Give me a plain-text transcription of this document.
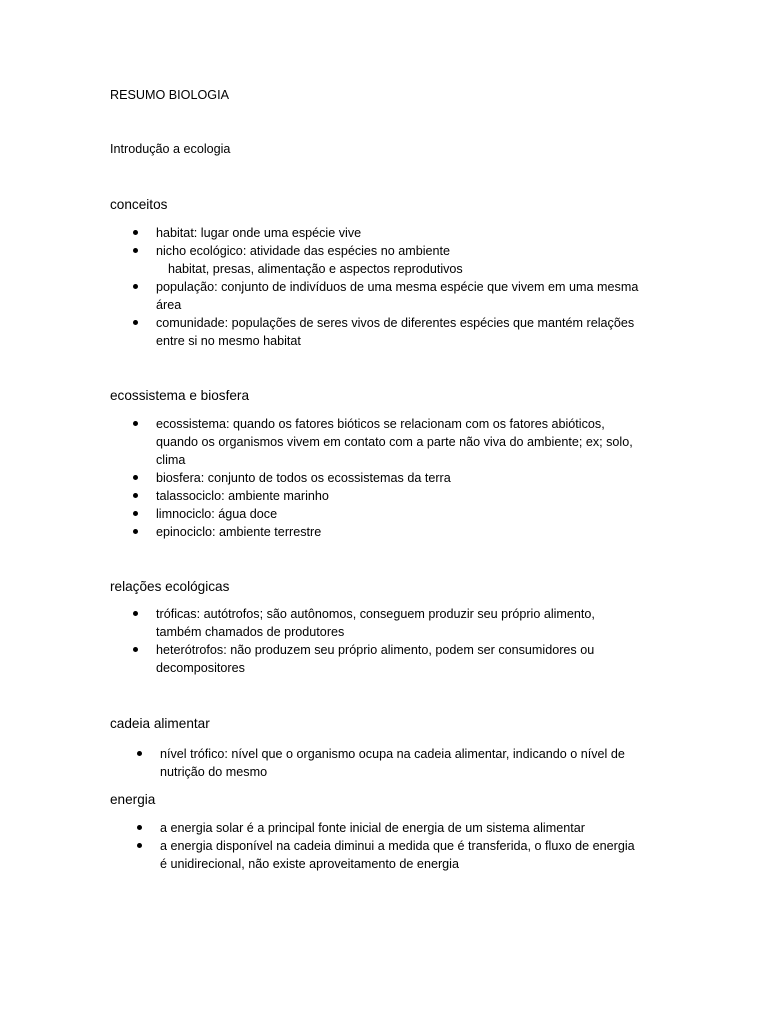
RESUMO BIOLOGIA
Introdução a ecologia
conceitos
habitat: lugar onde uma espécie vive
nicho ecológico: atividade das espécies no ambiente
habitat, presas, alimentação e aspectos reprodutivos
população: conjunto de indivíduos de uma mesma espécie que vivem em uma mesma
área
comunidade: populações de seres vivos de diferentes espécies que mantém relações
entre si no mesmo habitat
ecossistema e biosfera
ecossistema: quando os fatores bióticos se relacionam com os fatores abióticos,
quando os organismos vivem em contato com a parte não viva do ambiente; ex; solo,
clima
biosfera: conjunto de todos os ecossistemas da terra
talassociclo: ambiente marinho
limnociclo: água doce
epinociclo: ambiente terrestre
relações ecológicas
tróficas: autótrofos; são autônomos, conseguem produzir seu próprio alimento,
também chamados de produtores
heterótrofos: não produzem seu próprio alimento, podem ser consumidores ou
decompositores
cadeia alimentar
nível trófico: nível que o organismo ocupa na cadeia alimentar, indicando o nível de
nutrição do mesmo
energia
a energia solar é a principal fonte inicial de energia de um sistema alimentar
a energia disponível na cadeia diminui a medida que é transferida, o fluxo de energia
é unidirecional, não existe aproveitamento de energia
